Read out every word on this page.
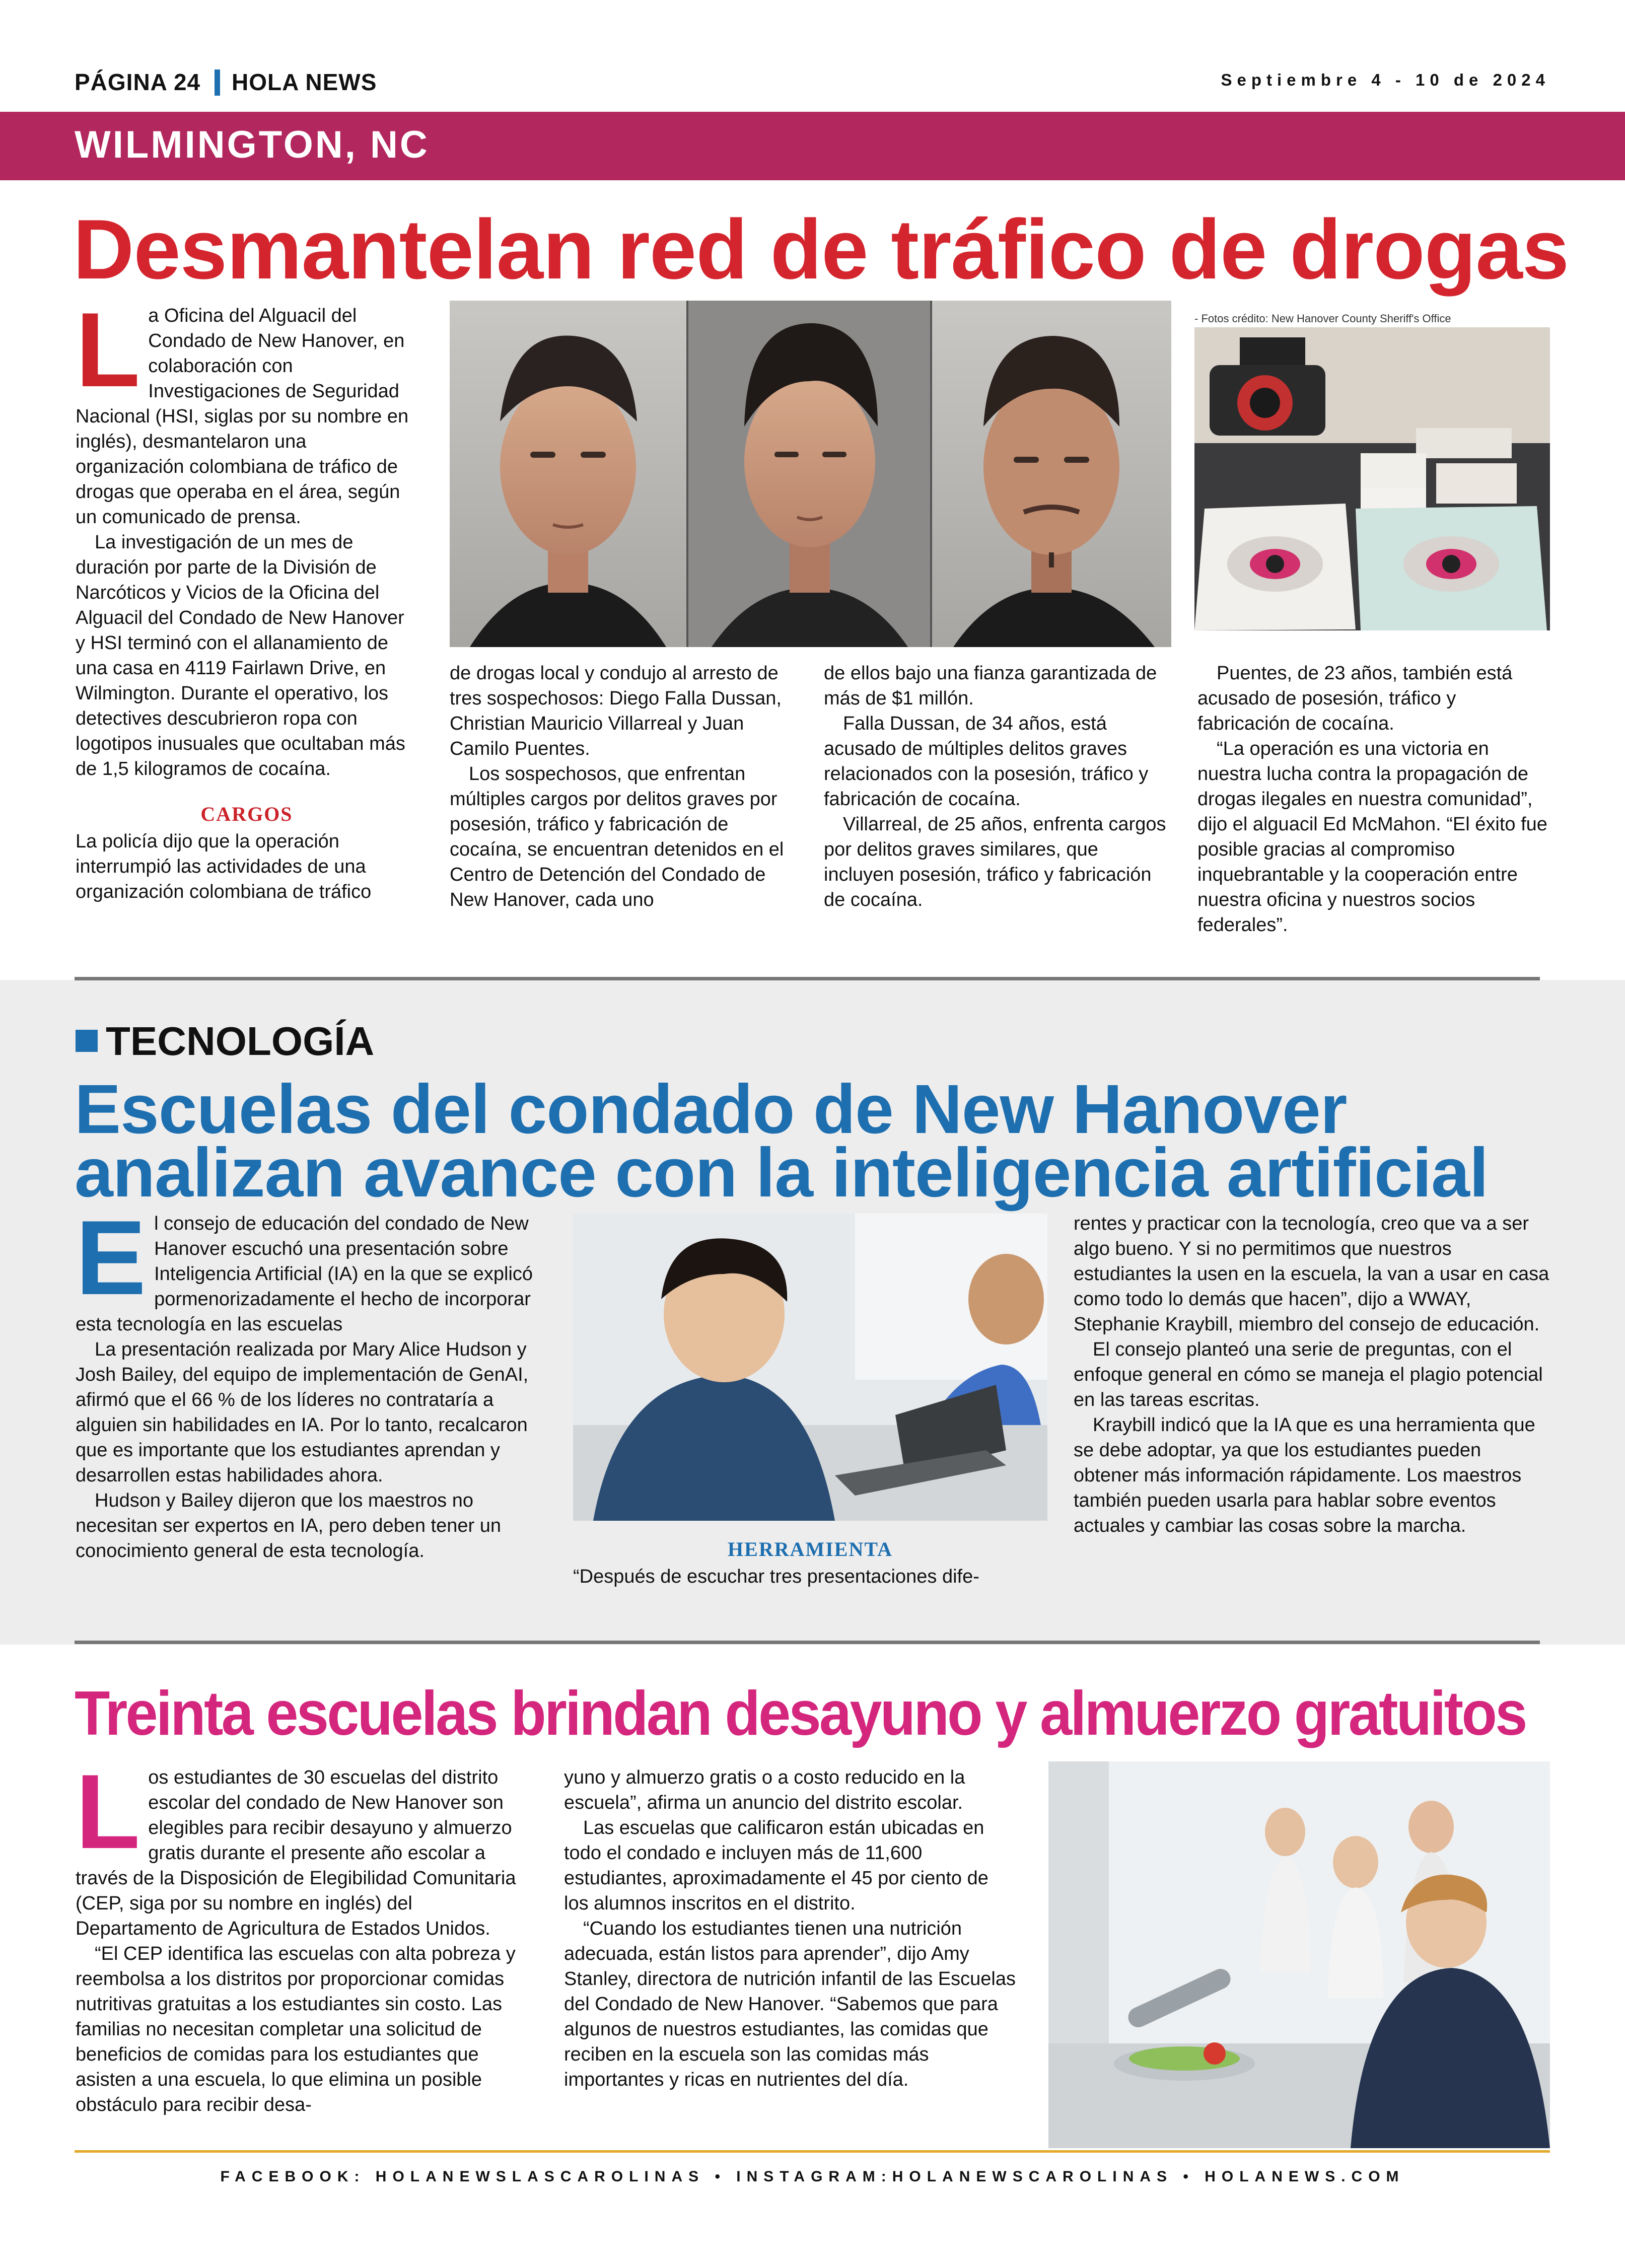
PÁGINA 24 HOLA NEWS	Septiembre 4 - 10 de 2024
WILMINGTON, NC
Desmantelan red de tráfico de drogas
L a Oficina del Alguacil del Condado de New Hanover, en colaboración con Investigaciones de Seguridad Nacional (HSI, siglas por su nombre en inglés), desmantelaron una organización colombiana de tráfico de drogas que operaba en el área, según un comunicado de prensa.

La investigación de un mes de duración por parte de la División de Narcóticos y Vicios de la Oficina del Alguacil del Condado de New Hanover y HSI terminó con el allanamiento de una casa en 4119 Fairlawn Drive, en Wilmington. Durante el operativo, los detectives descubrieron ropa con logotipos inusuales que ocultaban más de 1,5 kilogramos de cocaína.

CARGOS

La policía dijo que la operación interrumpió las actividades de una organización colombiana de tráfico

- Fotos crédito: New Hanover County Sheriff's Office

de drogas local y condujo al arresto de tres sospechosos: Diego Falla Dussan, Christian Mauricio Villarreal y Juan Camilo Puentes.

Los sospechosos, que enfrentan múltiples cargos por delitos graves por posesión, tráfico y fabricación de cocaína, se encuentran detenidos en el Centro de Detención del Condado de New Hanover, cada uno

de ellos bajo una fianza garantizada de más de $1 millón.

Falla Dussan, de 34 años, está acusado de múltiples delitos graves relacionados con la posesión, tráfico y fabricación de cocaína.

Villarreal, de 25 años, enfrenta cargos por delitos graves similares, que incluyen posesión, tráfico y fabricación de cocaína.

Puentes, de 23 años, también está acusado de posesión, tráfico y fabricación de cocaína.

“La operación es una victoria en nuestra lucha contra la propagación de drogas ilegales en nuestra comunidad”, dijo el alguacil Ed McMahon. “El éxito fue posible gracias al compromiso inquebrantable y la cooperación entre nuestra oficina y nuestros socios federales”.

TECNOLOGÍA
Escuelas del condado de New Hanover
analizan avance con la inteligencia artificial
E l consejo de educación del condado de New Hanover escuchó una presentación sobre Inteligencia Artificial (IA) en la que se explicó pormenorizadamente el hecho de incorporar esta tecnología en las escuelas

La presentación realizada por Mary Alice Hudson y Josh Bailey, del equipo de implementación de GenAI, afirmó que el 66 % de los líderes no contrataría a alguien sin habilidades en IA. Por lo tanto, recalcaron que es importante que los estudiantes aprendan y desarrollen estas habilidades ahora.

Hudson y Bailey dijeron que los maestros no necesitan ser expertos en IA, pero deben tener un conocimiento general de esta tecnología.	HERRAMIENTA

“Después de escuchar tres presentaciones dife-

rentes y practicar con la tecnología, creo que va a ser algo bueno. Y si no permitimos que nuestros estudiantes la usen en la escuela, la van a usar en casa como todo lo demás que hacen”, dijo a WWAY, Stephanie Kraybill, miembro del consejo de educación.

El consejo planteó una serie de preguntas, con el enfoque general en cómo se maneja el plagio potencial en las tareas escritas.

Kraybill indicó que la IA que es una herramienta que se debe adoptar, ya que los estudiantes pueden obtener más información rápidamente. Los maestros también pueden usarla para hablar sobre eventos actuales y cambiar las cosas sobre la marcha.

Treinta escuelas brindan desayuno y almuerzo gratuitos
L os estudiantes de 30 escuelas del distrito escolar del condado de New Hanover son elegibles para recibir desayuno y almuerzo gratis durante el presente año escolar a través de la Disposición de Elegibilidad Comunitaria (CEP, siga por su nombre en inglés) del Departamento de Agricultura de Estados Unidos.

“El CEP identifica las escuelas con alta pobreza y reembolsa a los distritos por proporcionar comidas nutritivas gratuitas a los estudiantes sin costo. Las familias no necesitan completar una solicitud de beneficios de comidas para los estudiantes que asisten a una escuela, lo que elimina un posible obstáculo para recibir desa-

yuno y almuerzo gratis o a costo reducido en la escuela”, afirma un anuncio del distrito escolar.

Las escuelas que calificaron están ubicadas en todo el condado e incluyen más de 11,600 estudiantes, aproximadamente el 45 por ciento de los alumnos inscritos en el distrito.

“Cuando los estudiantes tienen una nutrición adecuada, están listos para aprender”, dijo Amy Stanley, directora de nutrición infantil de las Escuelas del Condado de New Hanover. “Sabemos que para algunos de nuestros estudiantes, las comidas que reciben en la escuela son las comidas más importantes y ricas en nutrientes del día.

FACEBOOK: HOLANEWSLASCAROLINAS • INSTAGRAM:HOLANEWSCAROLINAS • HOLANEWS.COM
